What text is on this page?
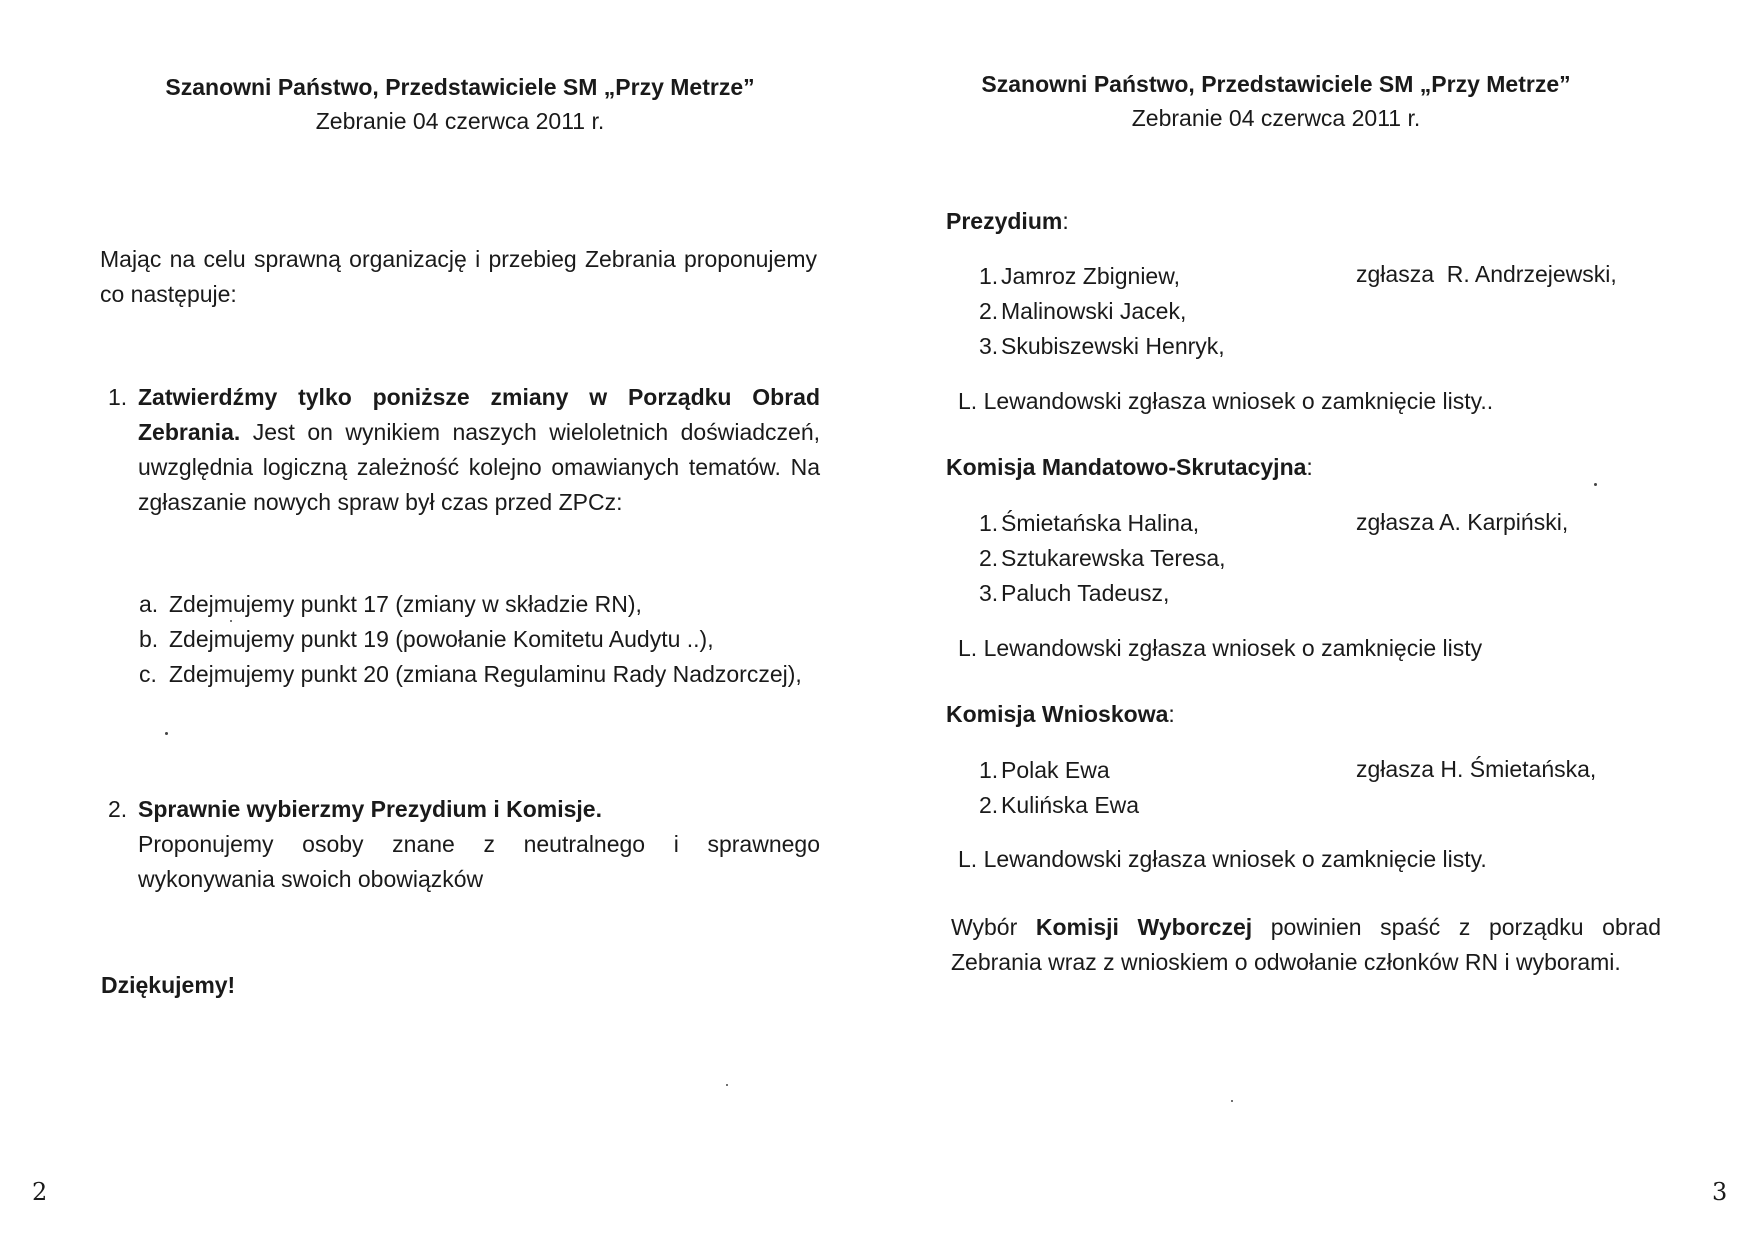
Szanowni Państwo, Przedstawiciele SM „Przy Metrze”
Zebranie 04 czerwca 2011 r.
Mając na celu sprawną organizację i przebieg Zebrania proponujemy co następuje:
1. Zatwierdźmy tylko poniższe zmiany w Porządku Obrad Zebrania. Jest on wynikiem naszych wieloletnich doświadczeń, uwzględnia logiczną zależność kolejno omawianych tematów. Na zgłaszanie nowych spraw był czas przed ZPCz:
a. Zdejmujemy punkt 17 (zmiany w składzie RN),
b. Zdejmujemy punkt 19 (powołanie Komitetu Audytu ..),
c. Zdejmujemy punkt 20 (zmiana Regulaminu Rady Nadzorczej),
2. Sprawnie wybierzmy Prezydium i Komisje.
Proponujemy osoby znane z neutralnego i sprawnego wykonywania swoich obowiązków
Dziękujemy!
2
Szanowni Państwo, Przedstawiciele SM „Przy Metrze”
Zebranie 04 czerwca 2011 r.
Prezydium:
1. Jamroz Zbigniew,
2. Malinowski Jacek,
3. Skubiszewski Henryk,
zgłasza  R. Andrzejewski,
L. Lewandowski zgłasza wniosek o zamknięcie listy..
Komisja Mandatowo-Skrutacyjna:
1. Śmietańska Halina,
2. Sztukarewska Teresa,
3. Paluch Tadeusz,
zgłasza A. Karpiński,
L. Lewandowski zgłasza wniosek o zamknięcie listy
Komisja Wnioskowa:
1. Polak Ewa
2. Kulińska Ewa
zgłasza H. Śmietańska,
L. Lewandowski zgłasza wniosek o zamknięcie listy.
Wybór Komisji Wyborczej powinien spaść z porządku obrad Zebrania wraz z wnioskiem o odwołanie członków RN i wyborami.
3
